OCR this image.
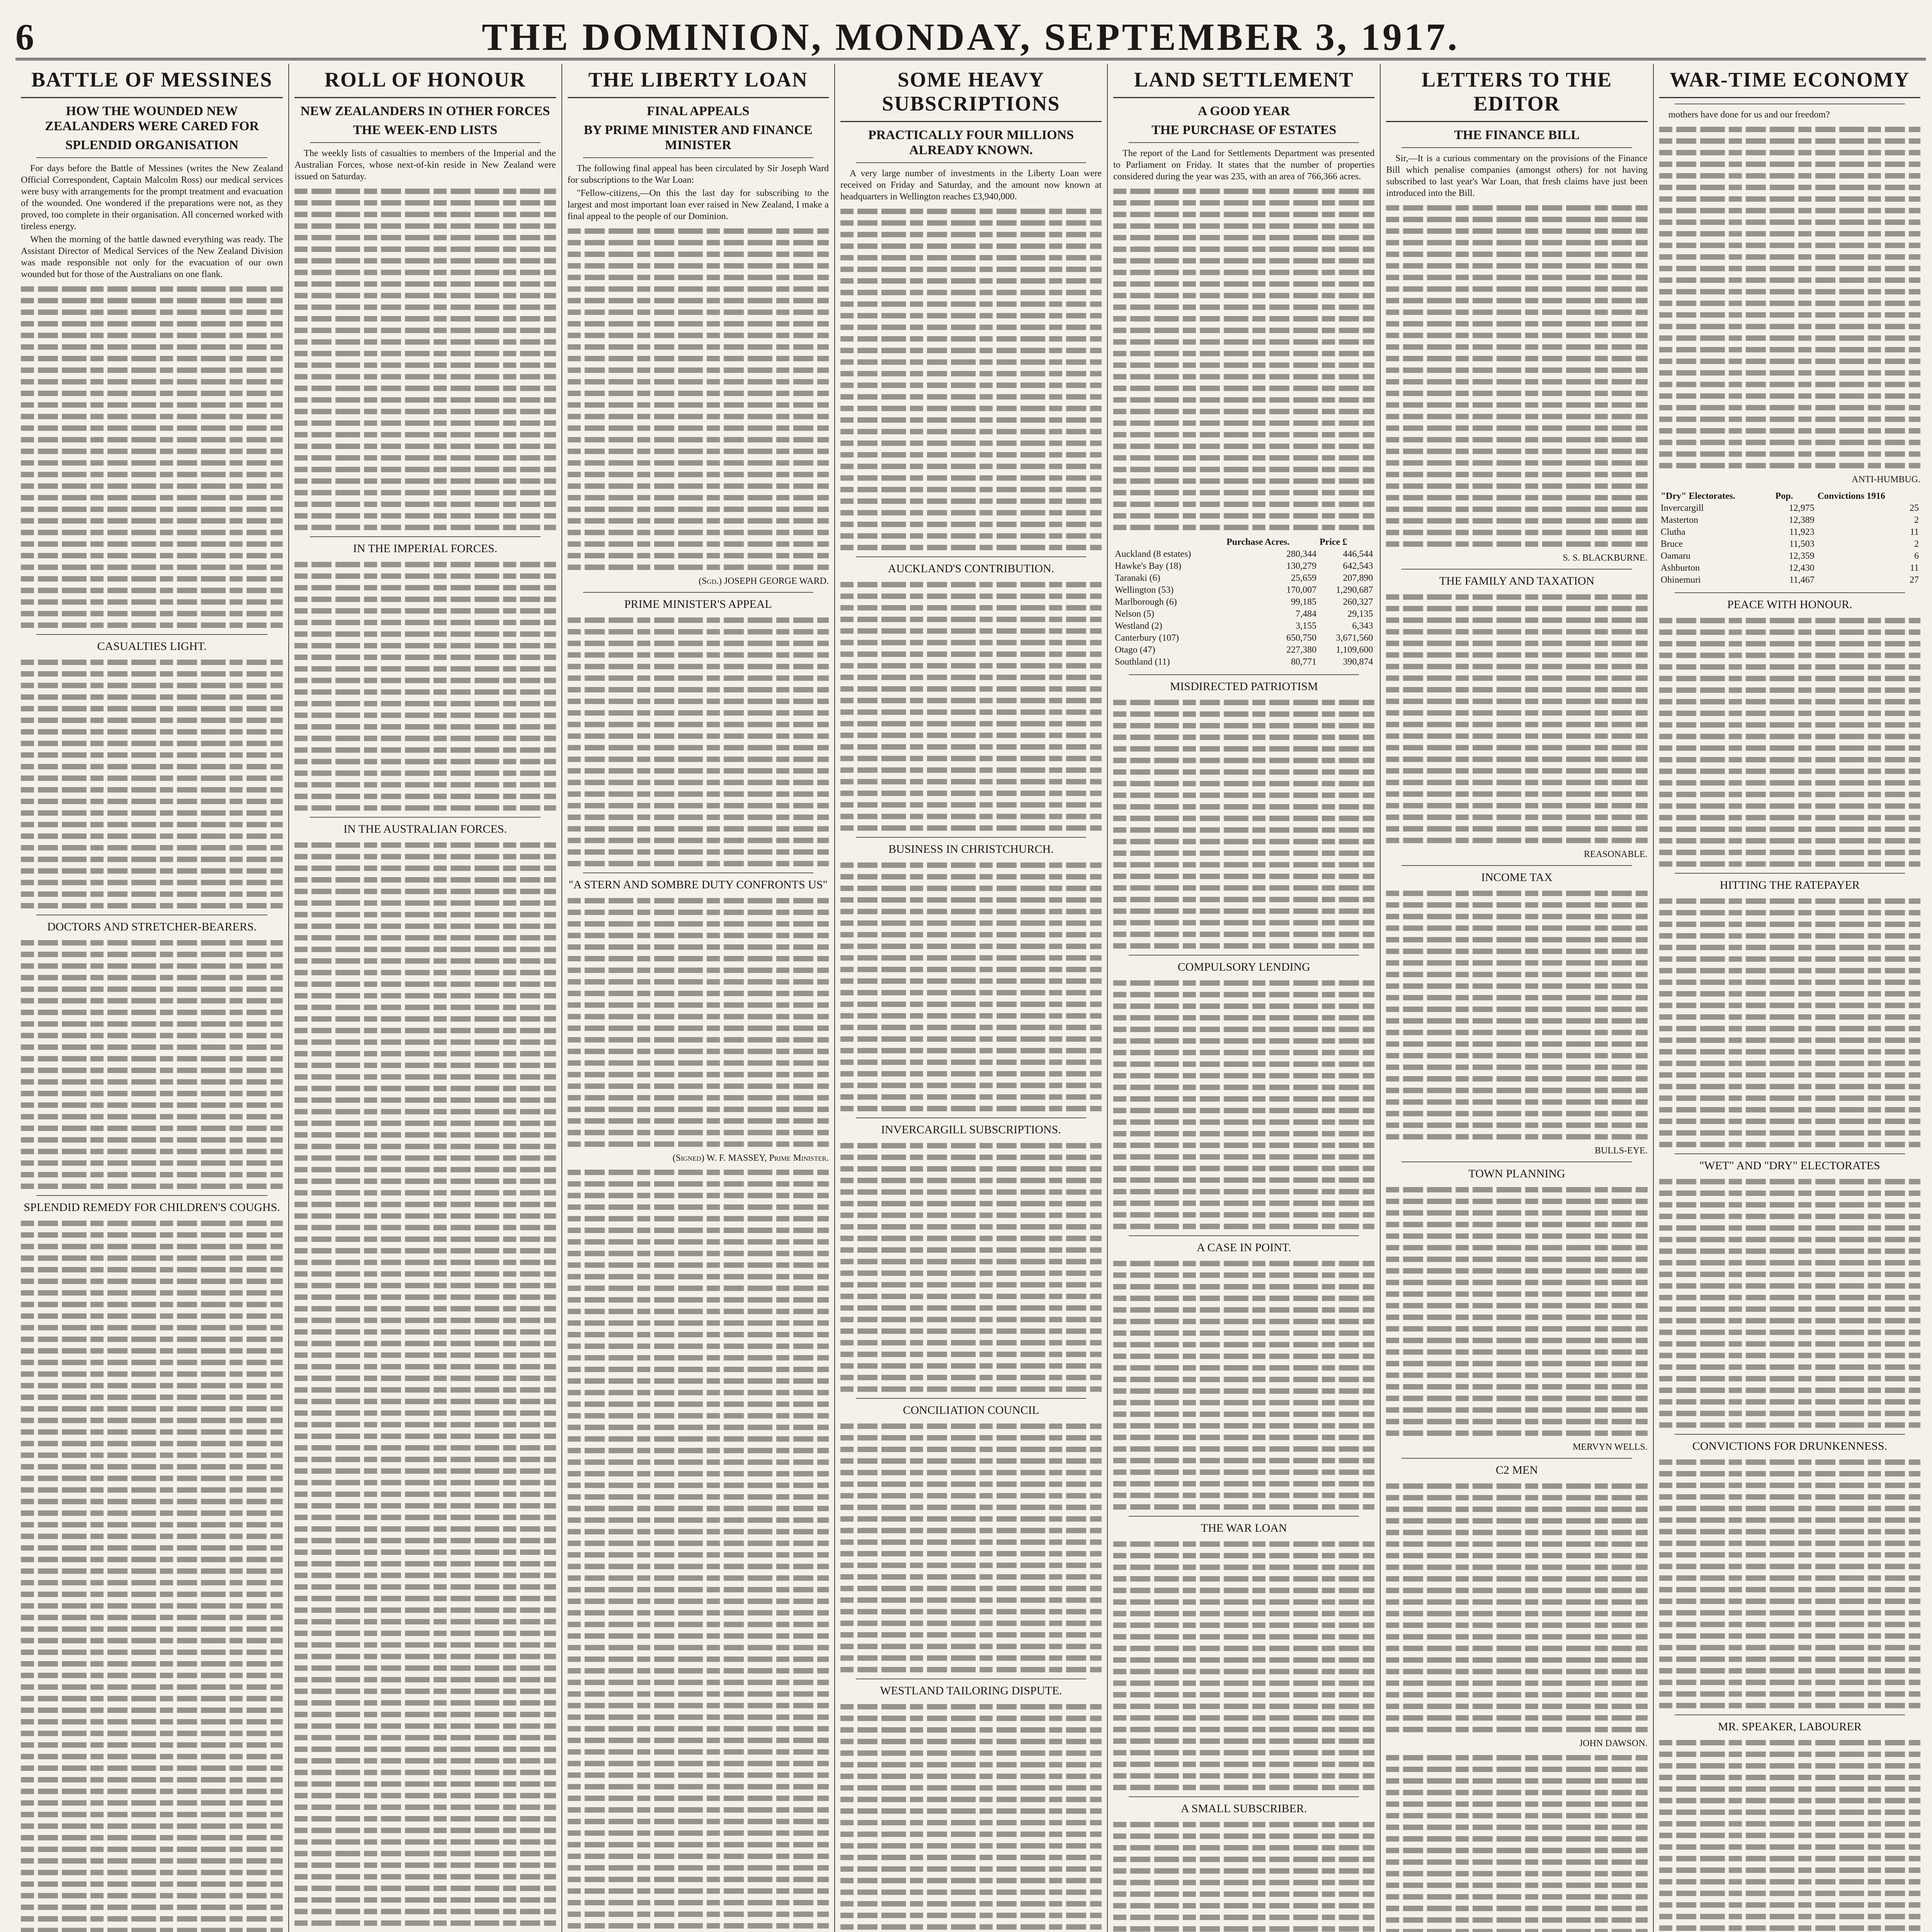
6	THE DOMINION, MONDAY, SEPTEMBER 3, 1917.
BATTLE OF MESSINES
HOW THE WOUNDED NEW ZEALANDERS WERE CARED FOR
SPLENDID ORGANISATION

For days before the Battle of Messines (writes the New Zealand Official Correspondent, Captain Malcolm Ross) our medical services were busy with arrangements for the prompt treatment and evacuation of the wounded. One wondered if the preparations were not, as they proved, too complete in their organisation. All concerned worked with tireless energy.

When the morning of the battle dawned everything was ready. The Assistant Director of Medical Services of the New Zealand Division was made responsible not only for the evacuation of our own wounded but for those of the Australians on one flank.

CASUALTIES LIGHT.
DOCTORS AND STRETCHER-BEARERS.
SPLENDID REMEDY FOR CHILDREN'S COUGHS.
ROLL OF HONOUR
NEW ZEALANDERS IN OTHER FORCES
THE WEEK-END LISTS

The weekly lists of casualties to members of the Imperial and the Australian Forces, whose next-of-kin reside in New Zealand were issued on Saturday.

IN THE IMPERIAL FORCES.
IN THE AUSTRALIAN FORCES.
THE LIBERTY LOAN
FINAL APPEALS
BY PRIME MINISTER AND FINANCE MINISTER

The following final appeal has been circulated by Sir Joseph Ward for subscriptions to the War Loan:

"Fellow-citizens,—On this the last day for subscribing to the largest and most important loan ever raised in New Zealand, I make a final appeal to the people of our Dominion.

(Sgd.) JOSEPH GEORGE WARD.
PRIME MINISTER'S APPEAL
"A STERN AND SOMBRE DUTY CONFRONTS US"
(Signed) W. F. MASSEY, Prime Minister.
SOME HEAVY SUBSCRIPTIONS
PRACTICALLY FOUR MILLIONS ALREADY KNOWN.

A very large number of investments in the Liberty Loan were received on Friday and Saturday, and the amount now known at headquarters in Wellington reaches £3,940,000.

AUCKLAND'S CONTRIBUTION.
BUSINESS IN CHRISTCHURCH.
INVERCARGILL SUBSCRIPTIONS.
CONCILIATION COUNCIL
WESTLAND TAILORING DISPUTE.
LAND SETTLEMENT
A GOOD YEAR
THE PURCHASE OF ESTATES

The report of the Land for Settlements Department was presented to Parliament on Friday. It states that the number of properties considered during the year was 235, with an area of 766,366 acres.

	Purchase Acres.	Price £
Auckland (8 estates)	280,344	446,544
Hawke's Bay (18)	130,279	642,543
Taranaki (6)	25,659	207,890
Wellington (53)	170,007	1,290,687
Marlborough (6)	99,185	260,327
Nelson (5)	7,484	29,135
Westland (2)	3,155	6,343
Canterbury (107)	650,750	3,671,560
Otago (47)	227,380	1,109,600
Southland (11)	80,771	390,874
MISDIRECTED PATRIOTISM
COMPULSORY LENDING
A CASE IN POINT.
THE WAR LOAN
A SMALL SUBSCRIBER.
LETTERS TO THE EDITOR
THE FINANCE BILL

Sir,—It is a curious commentary on the provisions of the Finance Bill which penalise companies (amongst others) for not having subscribed to last year's War Loan, that fresh claims have just been introduced into the Bill.

S. S. BLACKBURNE.
THE FAMILY AND TAXATION
REASONABLE.
INCOME TAX
BULLS-EYE.
TOWN PLANNING
MERVYN WELLS.
C2 MEN
JOHN DAWSON.
WAR-TIME ECONOMY

mothers have done for us and our freedom?

ANTI-HUMBUG.
"Dry" Electorates.	Pop.	Convictions 1916
Invercargill	12,975	25
Masterton	12,389	2
Clutha	11,923	11
Bruce	11,503	2
Oamaru	12,359	6
Ashburton	12,430	11
Ohinemuri	11,467	27
PEACE WITH HONOUR.
HITTING THE RATEPAYER
"WET" AND "DRY" ELECTORATES
CONVICTIONS FOR DRUNKENNESS.
MR. SPEAKER, LABOURER
